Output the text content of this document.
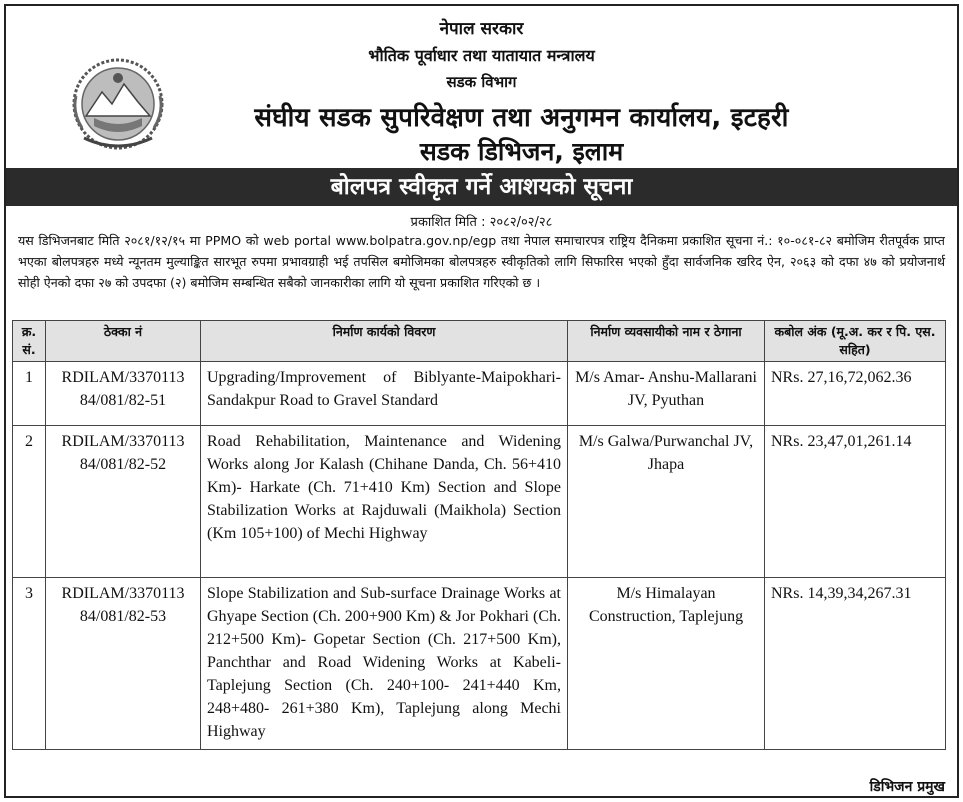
नेपाल सरकार
भौतिक पूर्वाधार तथा यातायात मन्त्रालय
सडक विभाग
संघीय सडक सुपरिवेक्षण तथा अनुगमन कार्यालय, इटहरी
सडक डिभिजन, इलाम
बोलपत्र स्वीकृत गर्ने आशयको सूचना
प्रकाशित मिति : २०८२/०२/२८
यस डिभिजनबाट मिति २०८१/१२/१५ मा PPMO को web portal www.bolpatra.gov.np/egp तथा नेपाल समाचारपत्र राष्ट्रिय दैनिकमा प्रकाशित सूचना नं.: १०-०८१-८२ बमोजिम रीतपूर्वक प्राप्त भएका बोलपत्रहरु मध्ये न्यूनतम मुल्याङ्कित सारभूत रुपमा प्रभावग्राही भई तपसिल बमोजिमका बोलपत्रहरु स्वीकृतिको लागि सिफारिस भएको हुँदा सार्वजनिक खरिद ऐन, २०६३ को दफा ४७ को प्रयोजनार्थ सोही ऐनको दफा २७ को उपदफा (२) बमोजिम सम्बन्धित सबैको जानकारीका लागि यो सूचना प्रकाशित गरिएको छ ।
क्र. सं.	ठेक्का नं	निर्माण कार्यको विवरण	निर्माण व्यवसायीको नाम र ठेगाना	कबोल अंक (मू.अ. कर र पि. एस. सहित)
1	RDILAM/3370113 84/081/82-51	Upgrading/Improvement of Biblyante-Maipokhari-Sandakpur Road to Gravel Standard	M/s Amar- Anshu-Mallarani JV, Pyuthan	NRs. 27,16,72,062.36
2	RDILAM/3370113 84/081/82-52	Road Rehabilitation, Maintenance and Widening Works along Jor Kalash (Chihane Danda, Ch. 56+410 Km)- Harkate (Ch. 71+410 Km) Section and Slope Stabilization Works at Rajduwali (Maikhola) Section (Km 105+100) of Mechi Highway	M/s Galwa/Purwanchal JV, Jhapa	NRs. 23,47,01,261.14
3	RDILAM/3370113 84/081/82-53	Slope Stabilization and Sub-surface Drainage Works at Ghyape Section (Ch. 200+900 Km) & Jor Pokhari (Ch. 212+500 Km)- Gopetar Section (Ch. 217+500 Km), Panchthar and Road Widening Works at Kabeli- Taplejung Section (Ch. 240+100- 241+440 Km, 248+480- 261+380 Km), Taplejung along Mechi Highway	M/s Himalayan Construction, Taplejung	NRs. 14,39,34,267.31
डिभिजन प्रमुख
